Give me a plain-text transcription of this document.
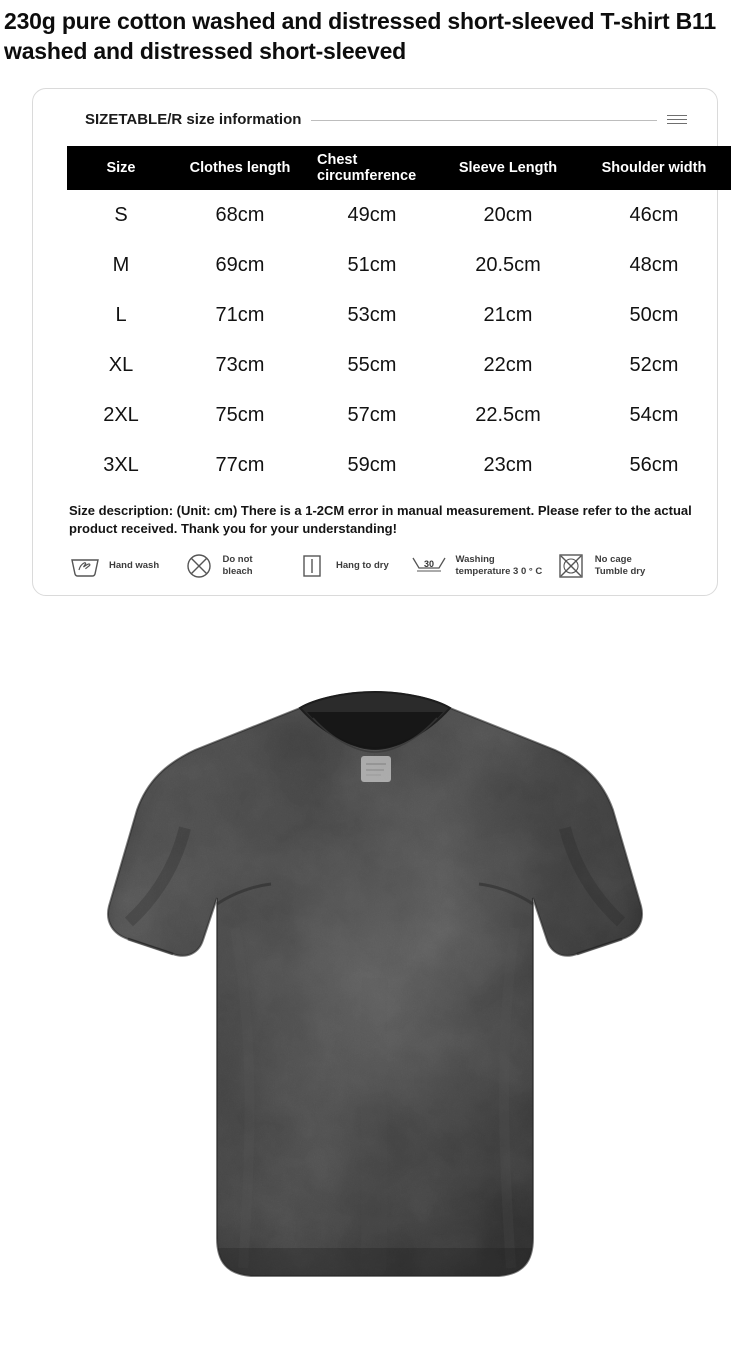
230g pure cotton washed and distressed short-sleeved T-shirt B11 washed and distressed short-sleeved
SIZETABLE/R size information
Size	Clothes length	Chest circumference	Sleeve Length	Shoulder width
S	68cm	49cm	20cm	46cm
M	69cm	51cm	20.5cm	48cm
L	71cm	53cm	21cm	50cm
XL	73cm	55cm	22cm	52cm
2XL	75cm	57cm	22.5cm	54cm
3XL	77cm	59cm	23cm	56cm
Size description: (Unit: cm) There is a 1-2CM error in manual measurement. Please refer to the actual product received. Thank you for your understanding!
Hand wash
Do not bleach
Hang to dry	30 Washing temperature 3 0 ° C
No cage Tumble dry
